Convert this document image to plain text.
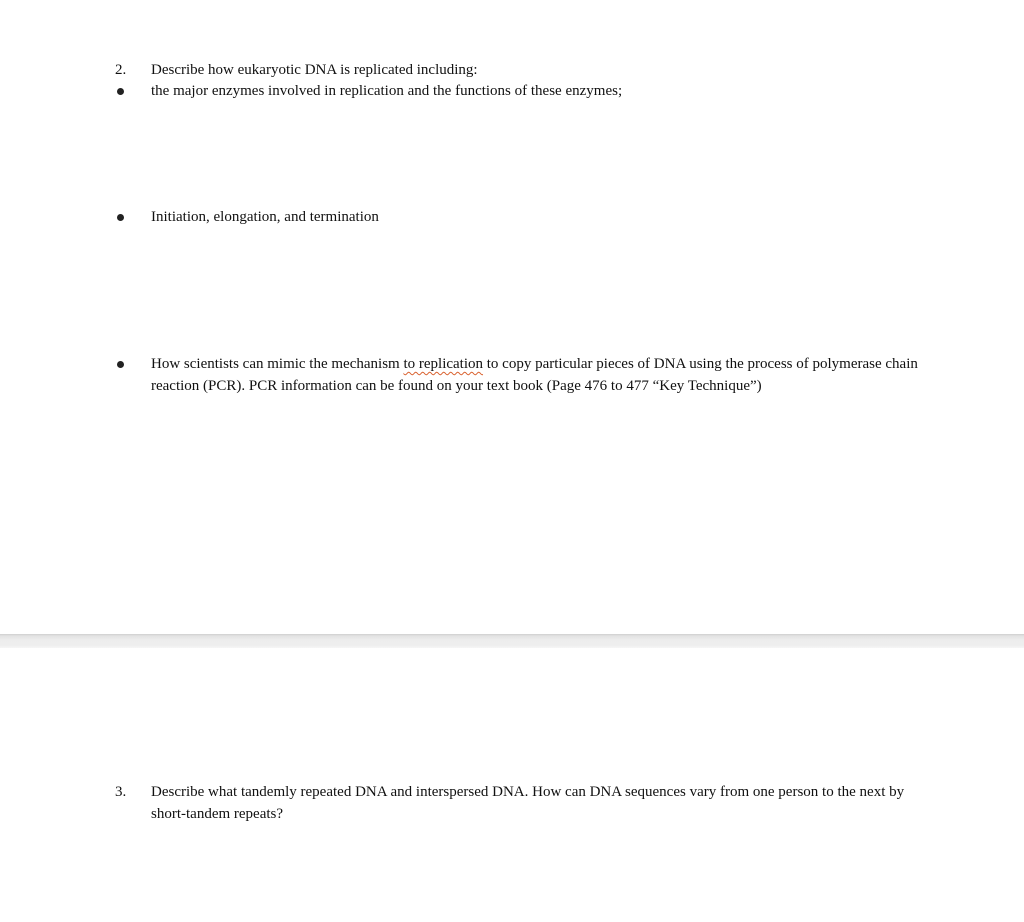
2.	Describe how eukaryotic DNA is replicated including:
the major enzymes involved in replication and the functions of these enzymes;
Initiation, elongation, and termination
How scientists can mimic the mechanism to replication to copy particular pieces of DNA using the process of polymerase chain reaction (PCR). PCR information can be found on your text book (Page 476 to 477 “Key Technique”)
3.	Describe what tandemly repeated DNA and interspersed DNA. How can DNA sequences vary from one person to the next by short-tandem repeats?
